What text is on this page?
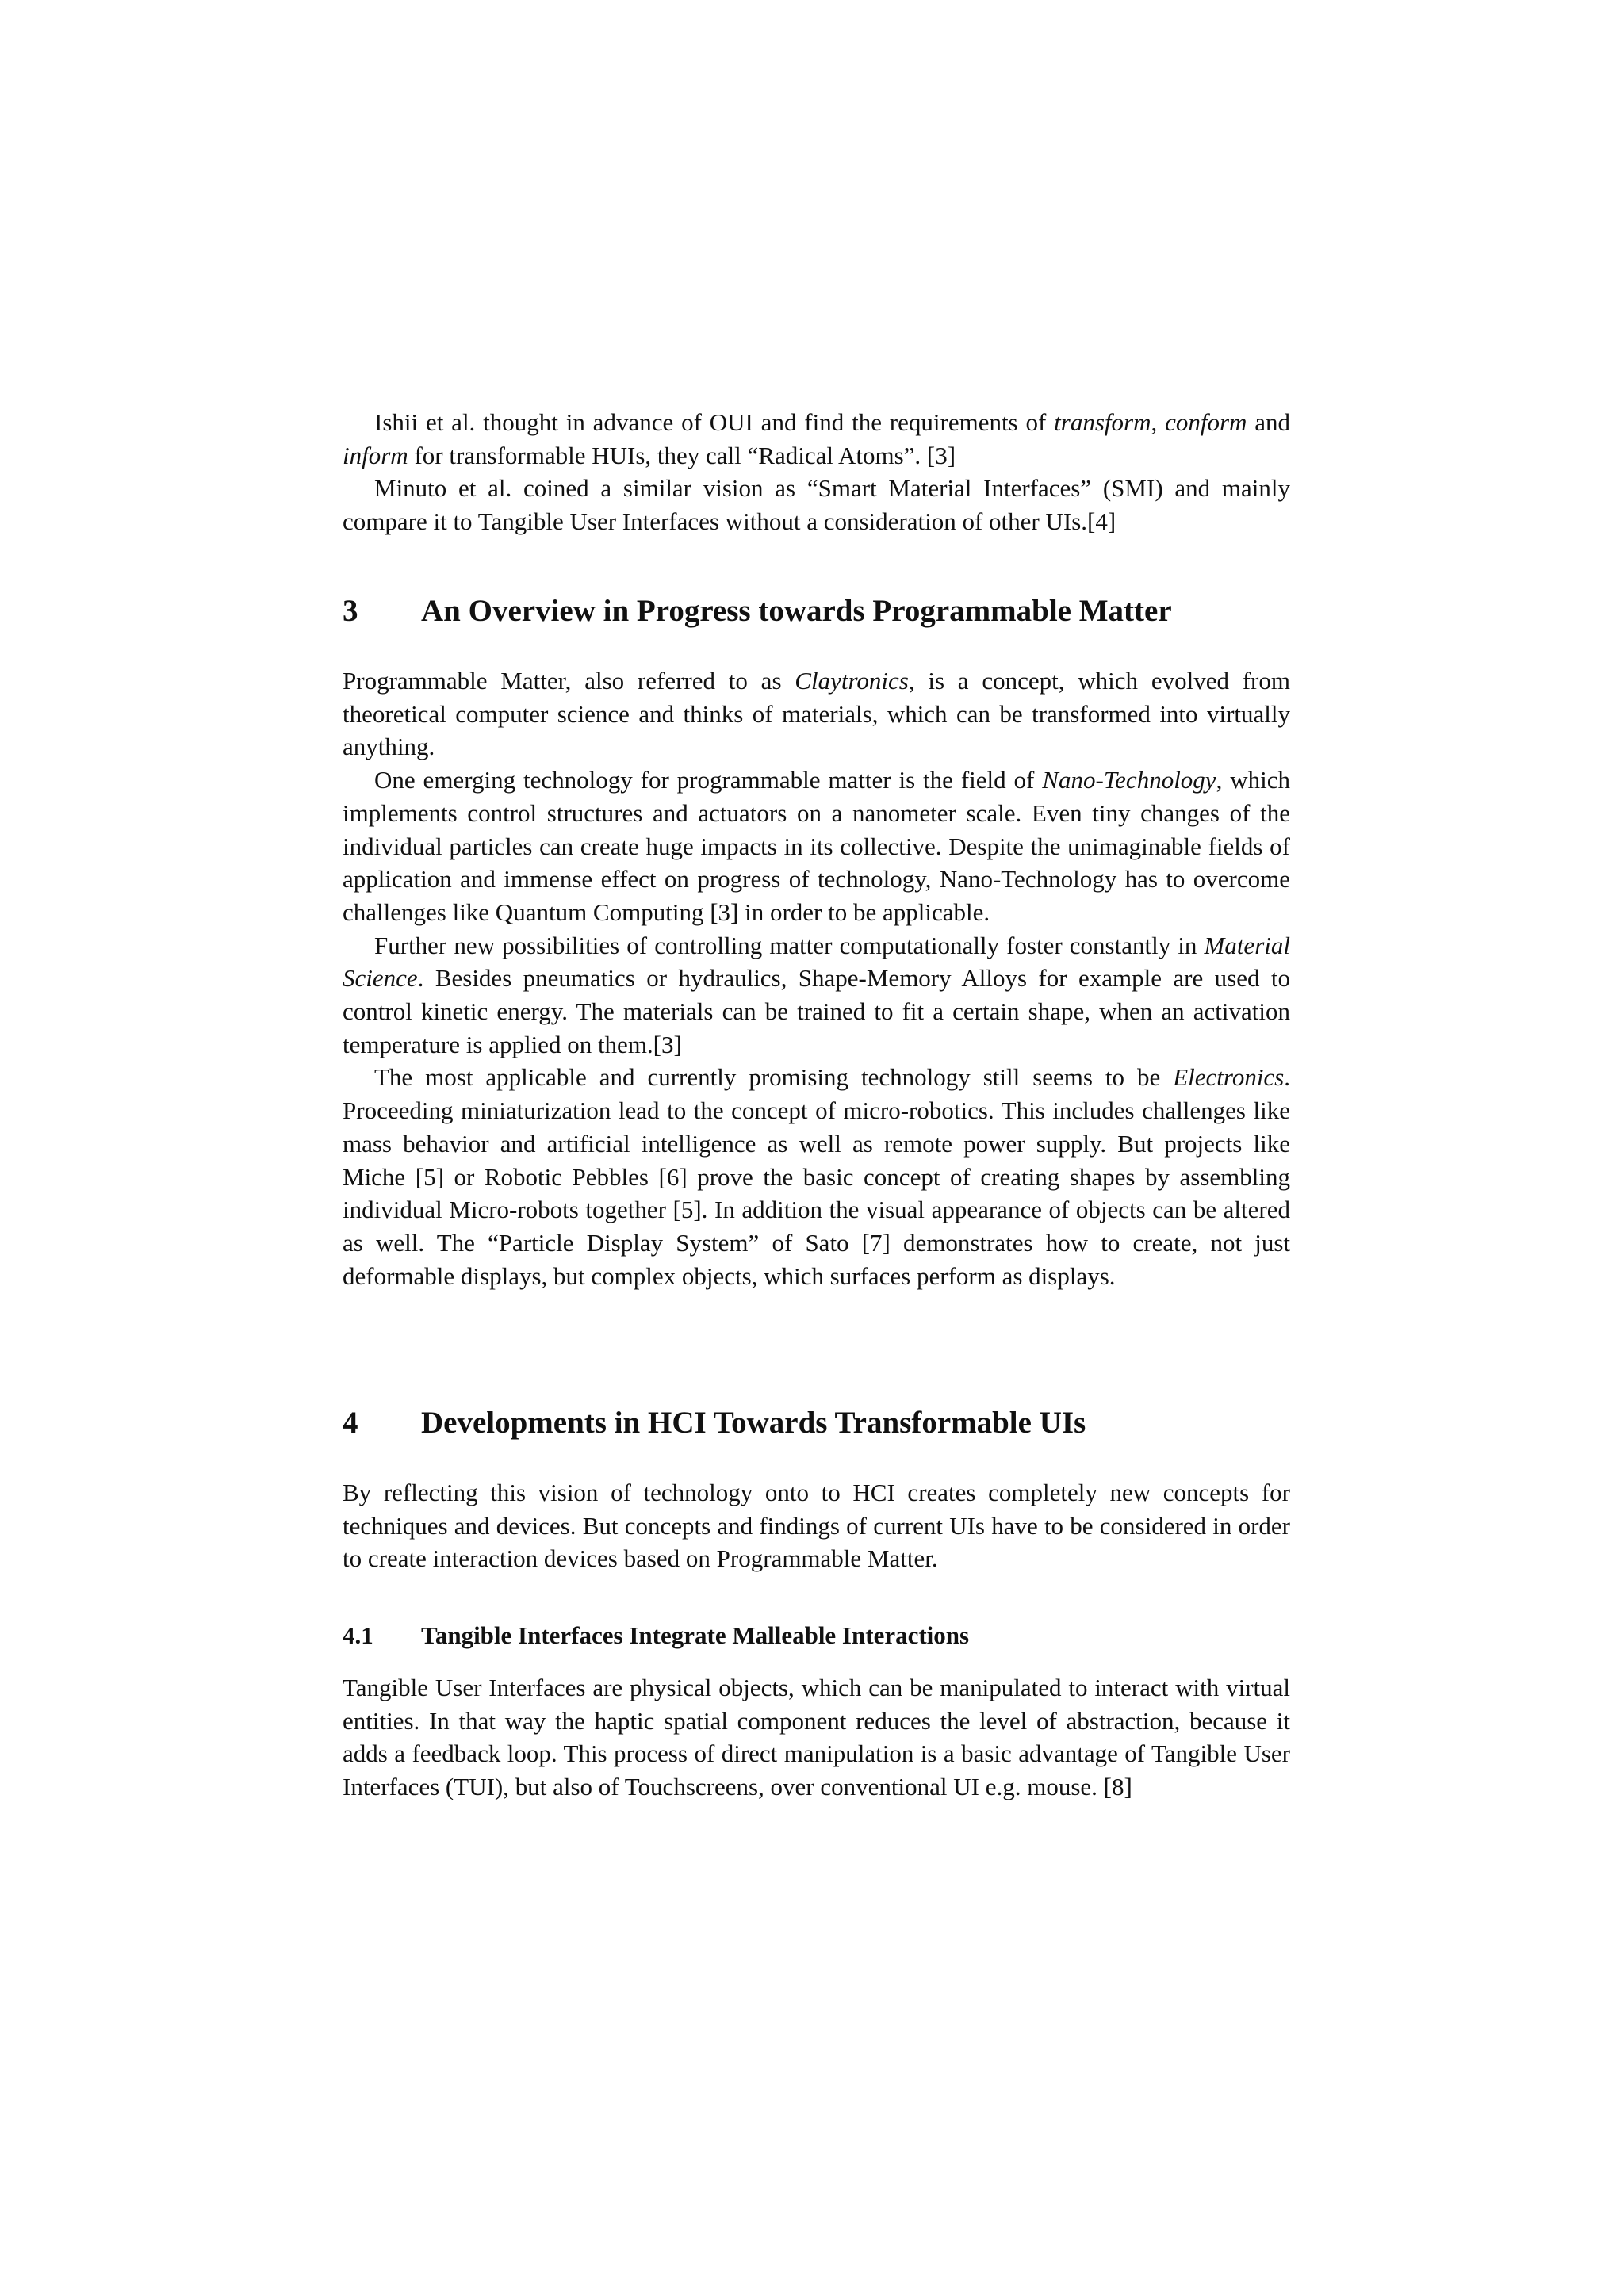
Ishii et al. thought in advance of OUI and find the requirements of transform, conform and inform for transformable HUIs, they call “Radical Atoms”. [3]

Minuto et al. coined a similar vision as “Smart Material Interfaces” (SMI) and mainly compare it to Tangible User Interfaces without a consideration of other UIs.[4]

3	An Overview in Progress towards Programmable Matter

Programmable Matter, also referred to as Claytronics, is a concept, which evolved from theoretical computer science and thinks of materials, which can be transformed into virtually anything.

One emerging technology for programmable matter is the field of Nano-Technology, which implements control structures and actuators on a nanometer scale. Even tiny changes of the individual particles can create huge impacts in its collective. Despite the unimaginable fields of application and immense effect on progress of technology, Nano-Technology has to overcome challenges like Quantum Computing [3] in order to be applicable.

Further new possibilities of controlling matter computationally foster constantly in Material Science. Besides pneumatics or hydraulics, Shape-Memory Alloys for example are used to control kinetic energy. The materials can be trained to fit a certain shape, when an activation temperature is applied on them.[3]

The most applicable and currently promising technology still seems to be Electronics. Proceeding miniaturization lead to the concept of micro-robotics. This includes challenges like mass behavior and artificial intelligence as well as remote power supply. But projects like Miche [5] or Robotic Pebbles [6] prove the basic concept of creating shapes by assembling individual Micro-robots together [5]. In addition the visual appearance of objects can be altered as well. The “Particle Display System” of Sato [7] demonstrates how to create, not just deformable displays, but complex objects, which surfaces perform as displays.

4	Developments in HCI Towards Transformable UIs

By reflecting this vision of technology onto to HCI creates completely new concepts for techniques and devices. But concepts and findings of current UIs have to be considered in order to create interaction devices based on Programmable Matter.

4.1	Tangible Interfaces Integrate Malleable Interactions

Tangible User Interfaces are physical objects, which can be manipulated to interact with virtual entities. In that way the haptic spatial component reduces the level of abstraction, because it adds a feedback loop. This process of direct manipulation is a basic advantage of Tangible User Interfaces (TUI), but also of Touchscreens, over conventional UI e.g. mouse. [8]
